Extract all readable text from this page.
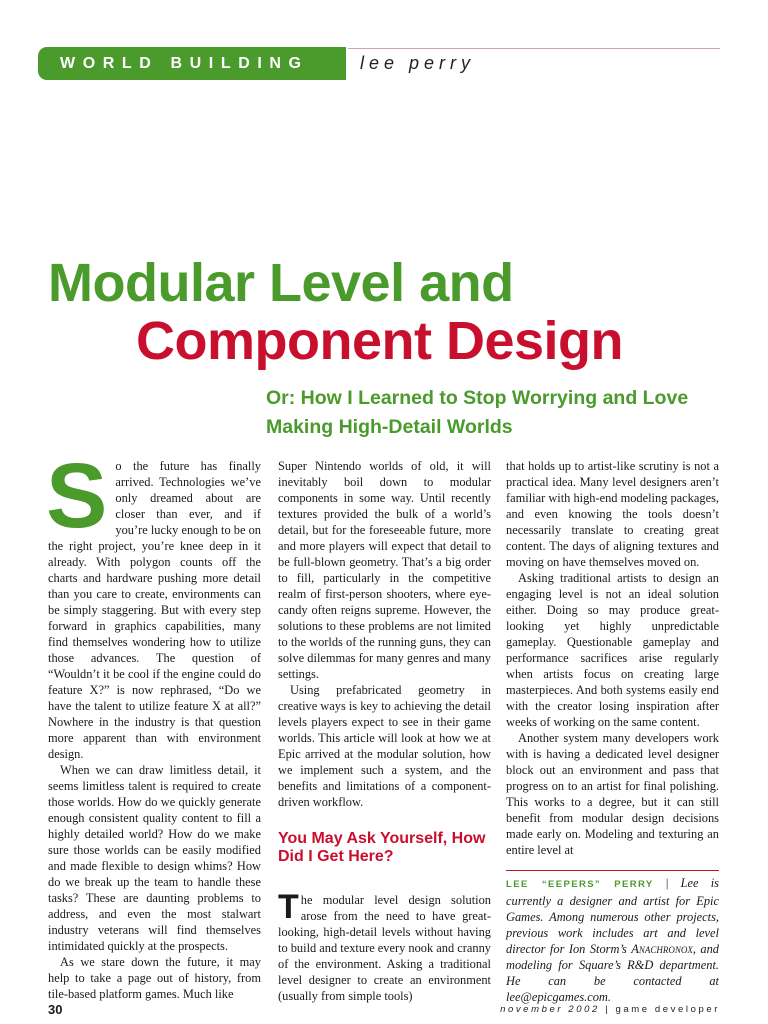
WORLD BUILDING	lee perry
Modular Level and
Component Design
Or: How I Learned to Stop Worrying and Love Making High-Detail Worlds

So the future has finally arrived. Technologies we’ve only dreamed about are closer than ever, and if you’re lucky enough to be on the right project, you’re knee deep in it already. With polygon counts off the charts and hardware pushing more detail than you care to create, environments can be simply staggering. But with every step forward in graphics capabilities, many find themselves wondering how to utilize those advances. The question of “Wouldn’t it be cool if the engine could do feature X?” is now rephrased, “Do we have the talent to utilize feature X at all?” Nowhere in the industry is that question more apparent than with environment design.

When we can draw limitless detail, it seems limitless talent is required to create those worlds. How do we quickly generate enough consistent quality content to fill a highly detailed world? How do we make sure those worlds can be easily modified and made flexible to design whims? How do we break up the team to handle these tasks? These are daunting problems to address, and even the most stalwart industry veterans will find themselves intimidated quickly at the prospects.

As we stare down the future, it may help to take a page out of history, from tile-based platform games. Much like

Super Nintendo worlds of old, it will inevitably boil down to modular components in some way. Until recently textures provided the bulk of a world’s detail, but for the foreseeable future, more and more players will expect that detail to be full-blown geometry. That’s a big order to fill, particularly in the competitive realm of first-person shooters, where eye-candy often reigns supreme. However, the solutions to these problems are not limited to the worlds of the running guns, they can solve dilemmas for many genres and many settings.

Using prefabricated geometry in creative ways is key to achieving the detail levels players expect to see in their game worlds. This article will look at how we at Epic arrived at the modular solution, how we implement such a system, and the benefits and limitations of a component-driven workflow.

You May Ask Yourself, How Did I Get Here?

The modular level design solution arose from the need to have great-looking, high-detail levels without having to build and texture every nook and cranny of the environment. Asking a traditional level designer to create an environment (usually from simple tools)

that holds up to artist-like scrutiny is not a practical idea. Many level designers aren’t familiar with high-end modeling packages, and even knowing the tools doesn’t necessarily translate to creating great content. The days of aligning textures and moving on have themselves moved on.

Asking traditional artists to design an engaging level is not an ideal solution either. Doing so may produce great-looking yet highly unpredictable gameplay. Questionable gameplay and performance sacrifices arise regularly when artists focus on creating large masterpieces. And both systems easily end with the creator losing inspiration after weeks of working on the same content.

Another system many developers work with is having a dedicated level designer block out an environment and pass that progress on to an artist for final polishing. This works to a degree, but it can still benefit from modular design decisions made early on. Modeling and texturing an entire level at

LEE “EEPERS” PERRY | Lee is currently a designer and artist for Epic Games. Among numerous other projects, previous work includes art and level director for Ion Storm’s Anachronox, and modeling for Square’s R&D department. He can be contacted at lee@epicgames.com.

30	november 2002 | game developer
